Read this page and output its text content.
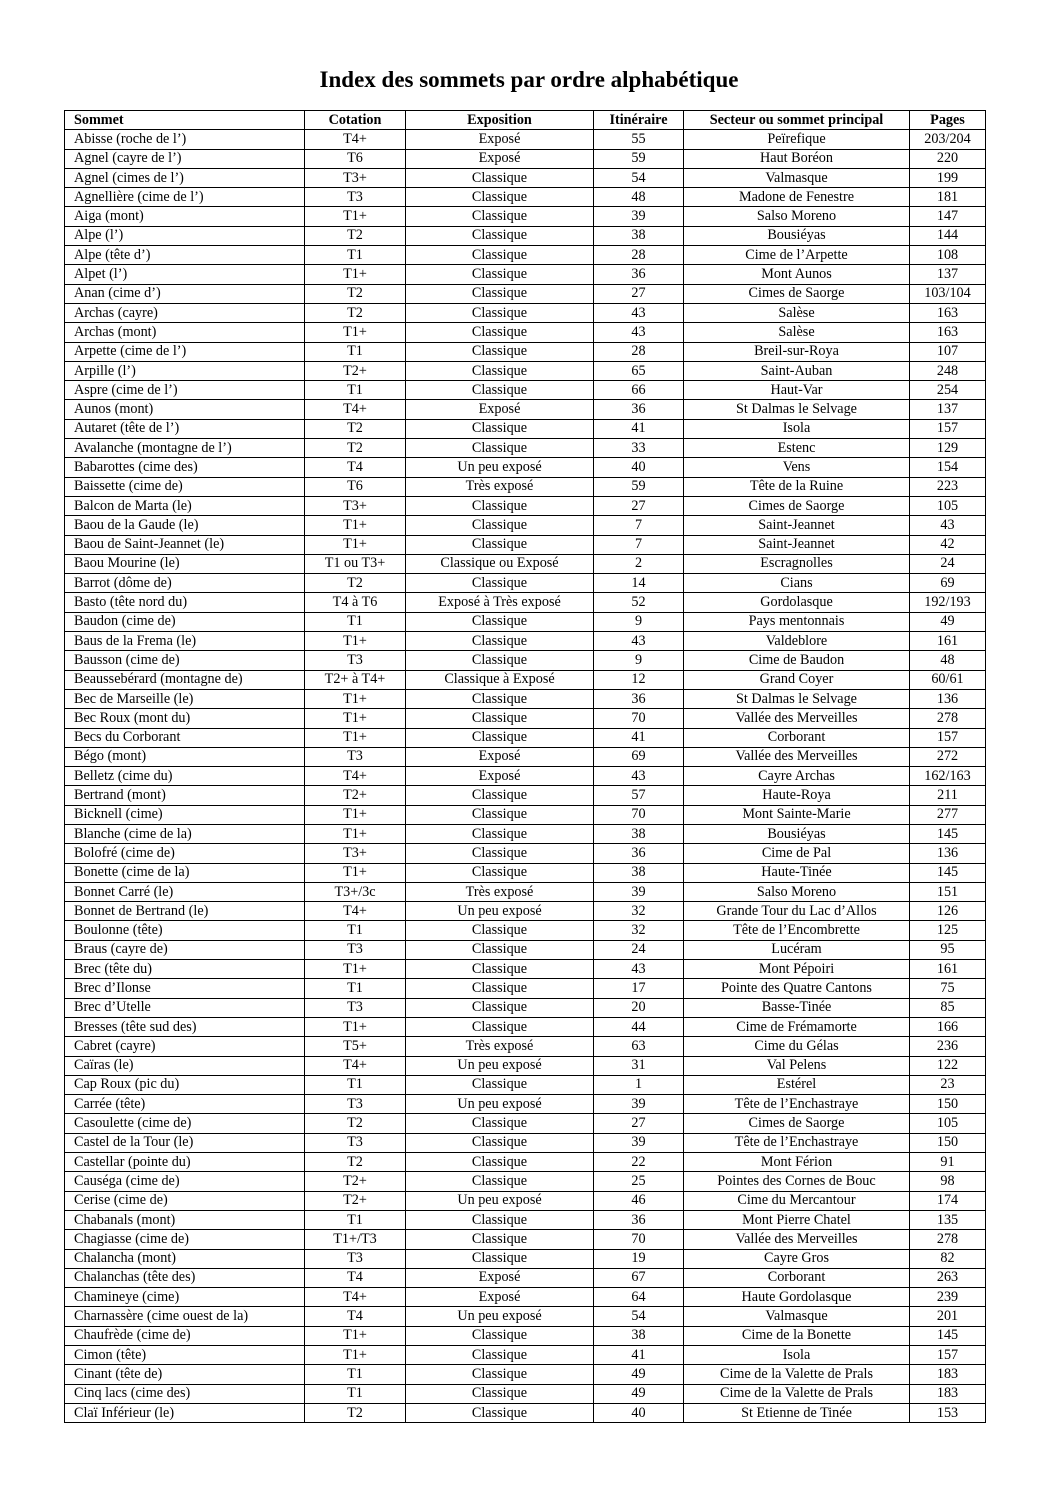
Index des sommets par ordre alphabétique
Sommet	Cotation	Exposition	Itinéraire	Secteur ou sommet principal	Pages
Abisse (roche de l’)	T4+	Exposé	55	Peïrefique	203/204
Agnel (cayre de l’)	T6	Exposé	59	Haut Boréon	220
Agnel (cimes de l’)	T3+	Classique	54	Valmasque	199
Agnellière (cime de l’)	T3	Classique	48	Madone de Fenestre	181
Aiga (mont)	T1+	Classique	39	Salso Moreno	147
Alpe (l’)	T2	Classique	38	Bousiéyas	144
Alpe (tête d’)	T1	Classique	28	Cime de l’Arpette	108
Alpet (l’)	T1+	Classique	36	Mont Aunos	137
Anan (cime d’)	T2	Classique	27	Cimes de Saorge	103/104
Archas (cayre)	T2	Classique	43	Salèse	163
Archas (mont)	T1+	Classique	43	Salèse	163
Arpette (cime de l’)	T1	Classique	28	Breil-sur-Roya	107
Arpille (l’)	T2+	Classique	65	Saint-Auban	248
Aspre (cime de l’)	T1	Classique	66	Haut-Var	254
Aunos (mont)	T4+	Exposé	36	St Dalmas le Selvage	137
Autaret (tête de l’)	T2	Classique	41	Isola	157
Avalanche (montagne de l’)	T2	Classique	33	Estenc	129
Babarottes (cime des)	T4	Un peu exposé	40	Vens	154
Baissette (cime de)	T6	Très exposé	59	Tête de la Ruine	223
Balcon de Marta (le)	T3+	Classique	27	Cimes de Saorge	105
Baou de la Gaude (le)	T1+	Classique	7	Saint-Jeannet	43
Baou de Saint-Jeannet (le)	T1+	Classique	7	Saint-Jeannet	42
Baou Mourine (le)	T1 ou T3+	Classique ou Exposé	2	Escragnolles	24
Barrot (dôme de)	T2	Classique	14	Cians	69
Basto (tête nord du)	T4 à T6	Exposé à Très exposé	52	Gordolasque	192/193
Baudon (cime de)	T1	Classique	9	Pays mentonnais	49
Baus de la Frema (le)	T1+	Classique	43	Valdeblore	161
Bausson (cime de)	T3	Classique	9	Cime de Baudon	48
Beaussebérard (montagne de)	T2+ à T4+	Classique à Exposé	12	Grand Coyer	60/61
Bec de Marseille (le)	T1+	Classique	36	St Dalmas le Selvage	136
Bec Roux (mont du)	T1+	Classique	70	Vallée des Merveilles	278
Becs du Corborant	T1+	Classique	41	Corborant	157
Bégo (mont)	T3	Exposé	69	Vallée des Merveilles	272
Belletz (cime du)	T4+	Exposé	43	Cayre Archas	162/163
Bertrand (mont)	T2+	Classique	57	Haute-Roya	211
Bicknell (cime)	T1+	Classique	70	Mont Sainte-Marie	277
Blanche (cime de la)	T1+	Classique	38	Bousiéyas	145
Bolofré (cime de)	T3+	Classique	36	Cime de Pal	136
Bonette (cime de la)	T1+	Classique	38	Haute-Tinée	145
Bonnet Carré (le)	T3+/3c	Très exposé	39	Salso Moreno	151
Bonnet de Bertrand (le)	T4+	Un peu exposé	32	Grande Tour du Lac d’Allos	126
Boulonne (tête)	T1	Classique	32	Tête de l’Encombrette	125
Braus (cayre de)	T3	Classique	24	Lucéram	95
Brec (tête du)	T1+	Classique	43	Mont Pépoiri	161
Brec d’Ilonse	T1	Classique	17	Pointe des Quatre Cantons	75
Brec d’Utelle	T3	Classique	20	Basse-Tinée	85
Bresses (tête sud des)	T1+	Classique	44	Cime de Frémamorte	166
Cabret (cayre)	T5+	Très exposé	63	Cime du Gélas	236
Caïras (le)	T4+	Un peu exposé	31	Val Pelens	122
Cap Roux (pic du)	T1	Classique	1	Estérel	23
Carrée (tête)	T3	Un peu exposé	39	Tête de l’Enchastraye	150
Casoulette (cime de)	T2	Classique	27	Cimes de Saorge	105
Castel de la Tour (le)	T3	Classique	39	Tête de l’Enchastraye	150
Castellar (pointe du)	T2	Classique	22	Mont Férion	91
Causéga (cime de)	T2+	Classique	25	Pointes des Cornes de Bouc	98
Cerise (cime de)	T2+	Un peu exposé	46	Cime du Mercantour	174
Chabanals (mont)	T1	Classique	36	Mont Pierre Chatel	135
Chagiasse (cime de)	T1+/T3	Classique	70	Vallée des Merveilles	278
Chalancha (mont)	T3	Classique	19	Cayre Gros	82
Chalanchas (tête des)	T4	Exposé	67	Corborant	263
Chamineye (cime)	T4+	Exposé	64	Haute Gordolasque	239
Charnassère (cime ouest de la)	T4	Un peu exposé	54	Valmasque	201
Chaufrède (cime de)	T1+	Classique	38	Cime de la Bonette	145
Cimon (tête)	T1+	Classique	41	Isola	157
Cinant (tête de)	T1	Classique	49	Cime de la Valette de Prals	183
Cinq lacs (cime des)	T1	Classique	49	Cime de la Valette de Prals	183
Claï Inférieur (le)	T2	Classique	40	St Etienne de Tinée	153
